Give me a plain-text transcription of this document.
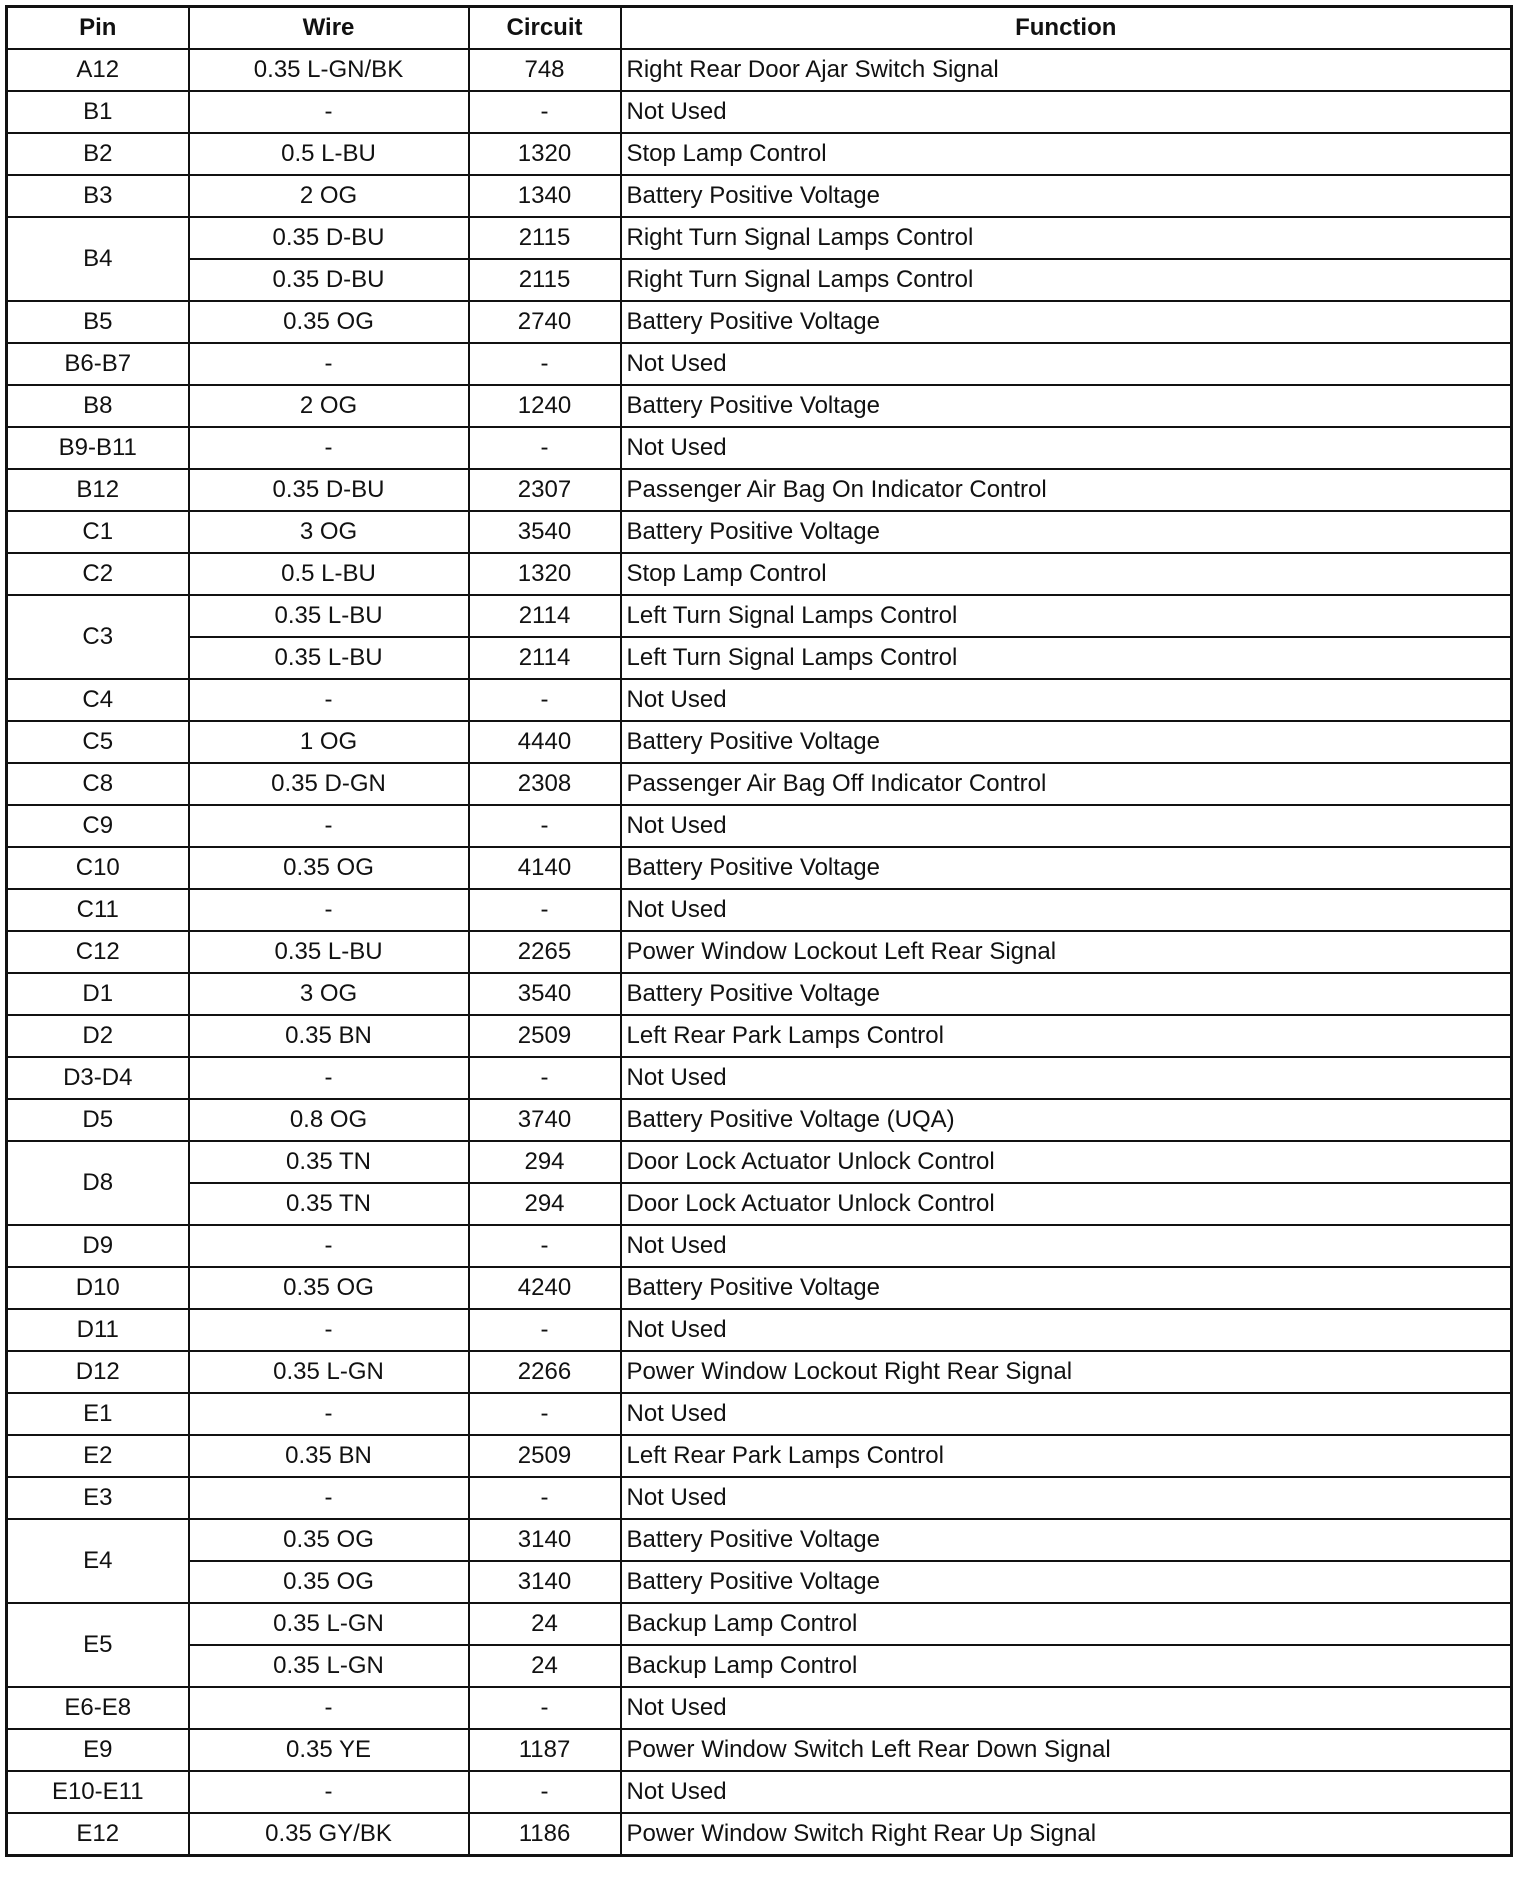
Pin	Wire	Circuit	Function
A12	0.35 L-GN/BK	748	Right Rear Door Ajar Switch Signal
B1	-	-	Not Used
B2	0.5 L-BU	1320	Stop Lamp Control
B3	2 OG	1340	Battery Positive Voltage
B4	0.35 D-BU	2115	Right Turn Signal Lamps Control
	0.35 D-BU	2115	Right Turn Signal Lamps Control
B5	0.35 OG	2740	Battery Positive Voltage
B6-B7	-	-	Not Used
B8	2 OG	1240	Battery Positive Voltage
B9-B11	-	-	Not Used
B12	0.35 D-BU	2307	Passenger Air Bag On Indicator Control
C1	3 OG	3540	Battery Positive Voltage
C2	0.5 L-BU	1320	Stop Lamp Control
C3	0.35 L-BU	2114	Left Turn Signal Lamps Control
	0.35 L-BU	2114	Left Turn Signal Lamps Control
C4	-	-	Not Used
C5	1 OG	4440	Battery Positive Voltage
C8	0.35 D-GN	2308	Passenger Air Bag Off Indicator Control
C9	-	-	Not Used
C10	0.35 OG	4140	Battery Positive Voltage
C11	-	-	Not Used
C12	0.35 L-BU	2265	Power Window Lockout Left Rear Signal
D1	3 OG	3540	Battery Positive Voltage
D2	0.35 BN	2509	Left Rear Park Lamps Control
D3-D4	-	-	Not Used
D5	0.8 OG	3740	Battery Positive Voltage (UQA)
D8	0.35 TN	294	Door Lock Actuator Unlock Control
	0.35 TN	294	Door Lock Actuator Unlock Control
D9	-	-	Not Used
D10	0.35 OG	4240	Battery Positive Voltage
D11	-	-	Not Used
D12	0.35 L-GN	2266	Power Window Lockout Right Rear Signal
E1	-	-	Not Used
E2	0.35 BN	2509	Left Rear Park Lamps Control
E3	-	-	Not Used
E4	0.35 OG	3140	Battery Positive Voltage
	0.35 OG	3140	Battery Positive Voltage
E5	0.35 L-GN	24	Backup Lamp Control
	0.35 L-GN	24	Backup Lamp Control
E6-E8	-	-	Not Used
E9	0.35 YE	1187	Power Window Switch Left Rear Down Signal
E10-E11	-	-	Not Used
E12	0.35 GY/BK	1186	Power Window Switch Right Rear Up Signal
